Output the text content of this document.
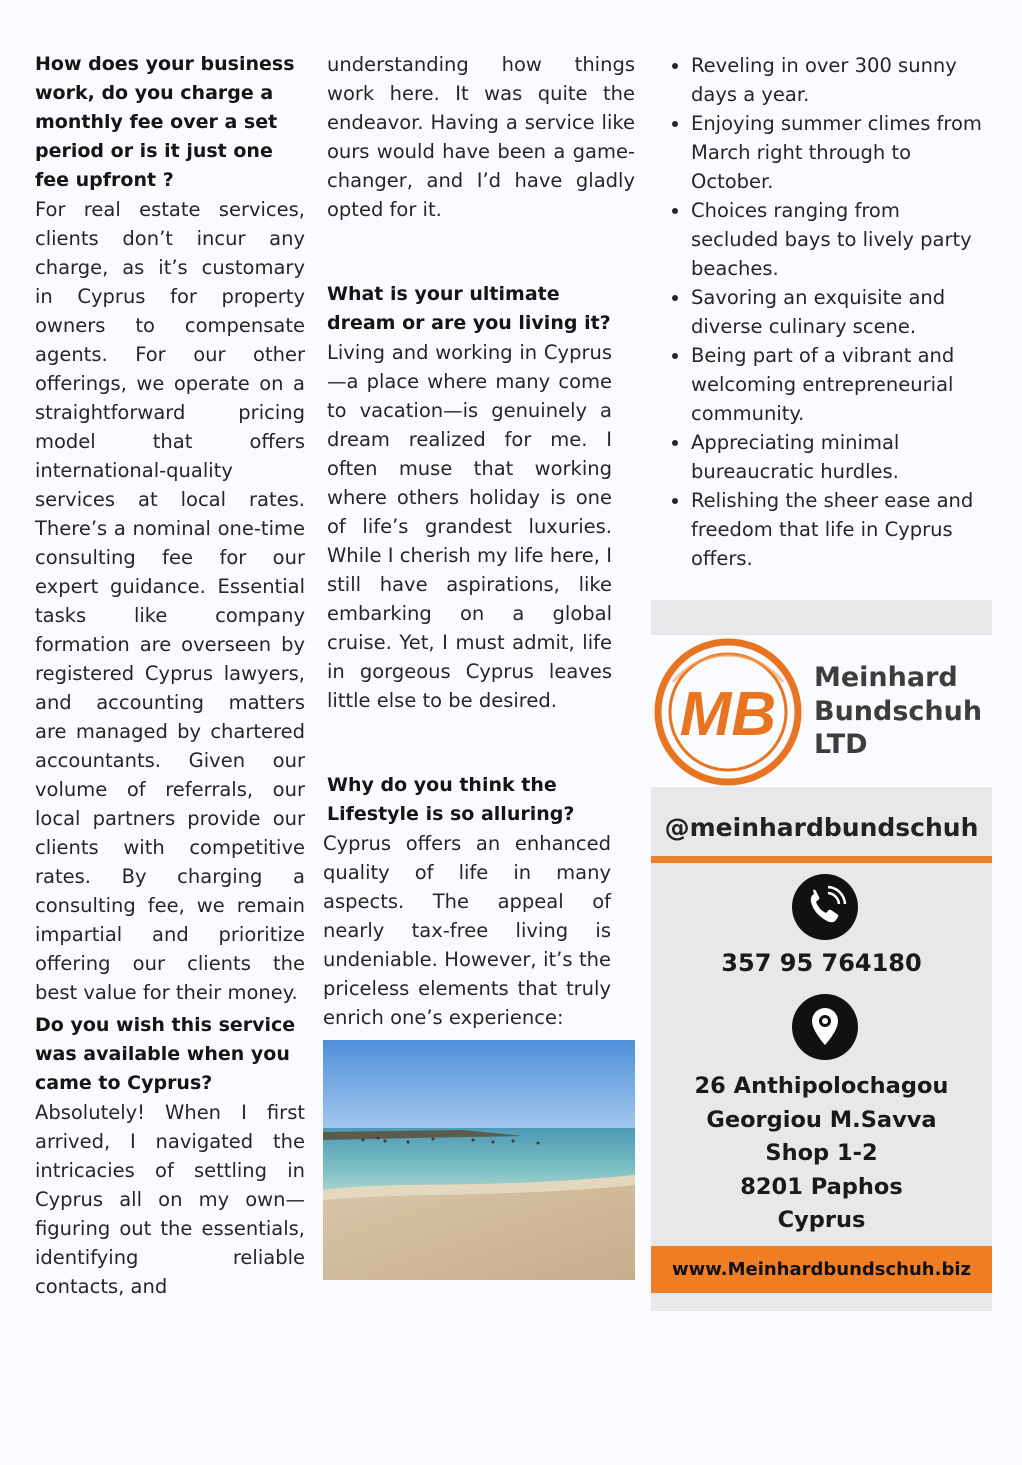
How does your business work, do you charge a monthly fee over a set period or is it just one fee upfront ?

For real estate services, clients don’t incur any charge, as it’s customary in Cyprus for property owners to compensate agents. For our other offerings, we operate on a straightforward pricing model that offers international-quality services at local rates. There’s a nominal one-time consulting fee for our expert guidance. Essential tasks like company formation are overseen by registered Cyprus lawyers, and accounting matters are managed by chartered accountants. Given our volume of referrals, our local partners provide our clients with competitive rates. By charging a consulting fee, we remain impartial and prioritize offering our clients the best value for their money.

Do you wish this service was available when you came to Cyprus?

Absolutely! When I first arrived, I navigated the intricacies of settling in Cyprus all on my own—figuring out the essentials, identifying reliable contacts, and

understanding how things work here. It was quite the endeavor. Having a service like ours would have been a game-changer, and I’d have gladly opted for it.

What is your ultimate dream or are you living it?

Living and working in Cyprus—a place where many come to vacation—is genuinely a dream realized for me. I often muse that working where others holiday is one of life’s grandest luxuries. While I cherish my life here, I still have aspirations, like embarking on a global cruise. Yet, I must admit, life in gorgeous Cyprus leaves little else to be desired.

Why do you think the Lifestyle is so alluring?

Cyprus offers an enhanced quality of life in many aspects. The appeal of nearly tax-free living is undeniable. However, it’s the priceless elements that truly enrich one’s experience:

• Reveling in over 300 sunny days a year.
• Enjoying summer climes from March right through to October.
• Choices ranging from secluded bays to lively party beaches.
• Savoring an exquisite and diverse culinary scene.
• Being part of a vibrant and welcoming entrepreneurial community.
• Appreciating minimal bureaucratic hurdles.
• Relishing the sheer ease and freedom that life in Cyprus offers.
MB
Meinhard
Bundschuh
LTD
@meinhardbundschuh
357 95 764180
26 Anthipolochagou
Georgiou M.Savva
Shop 1-2
8201 Paphos
Cyprus
www.Meinhardbundschuh.biz
